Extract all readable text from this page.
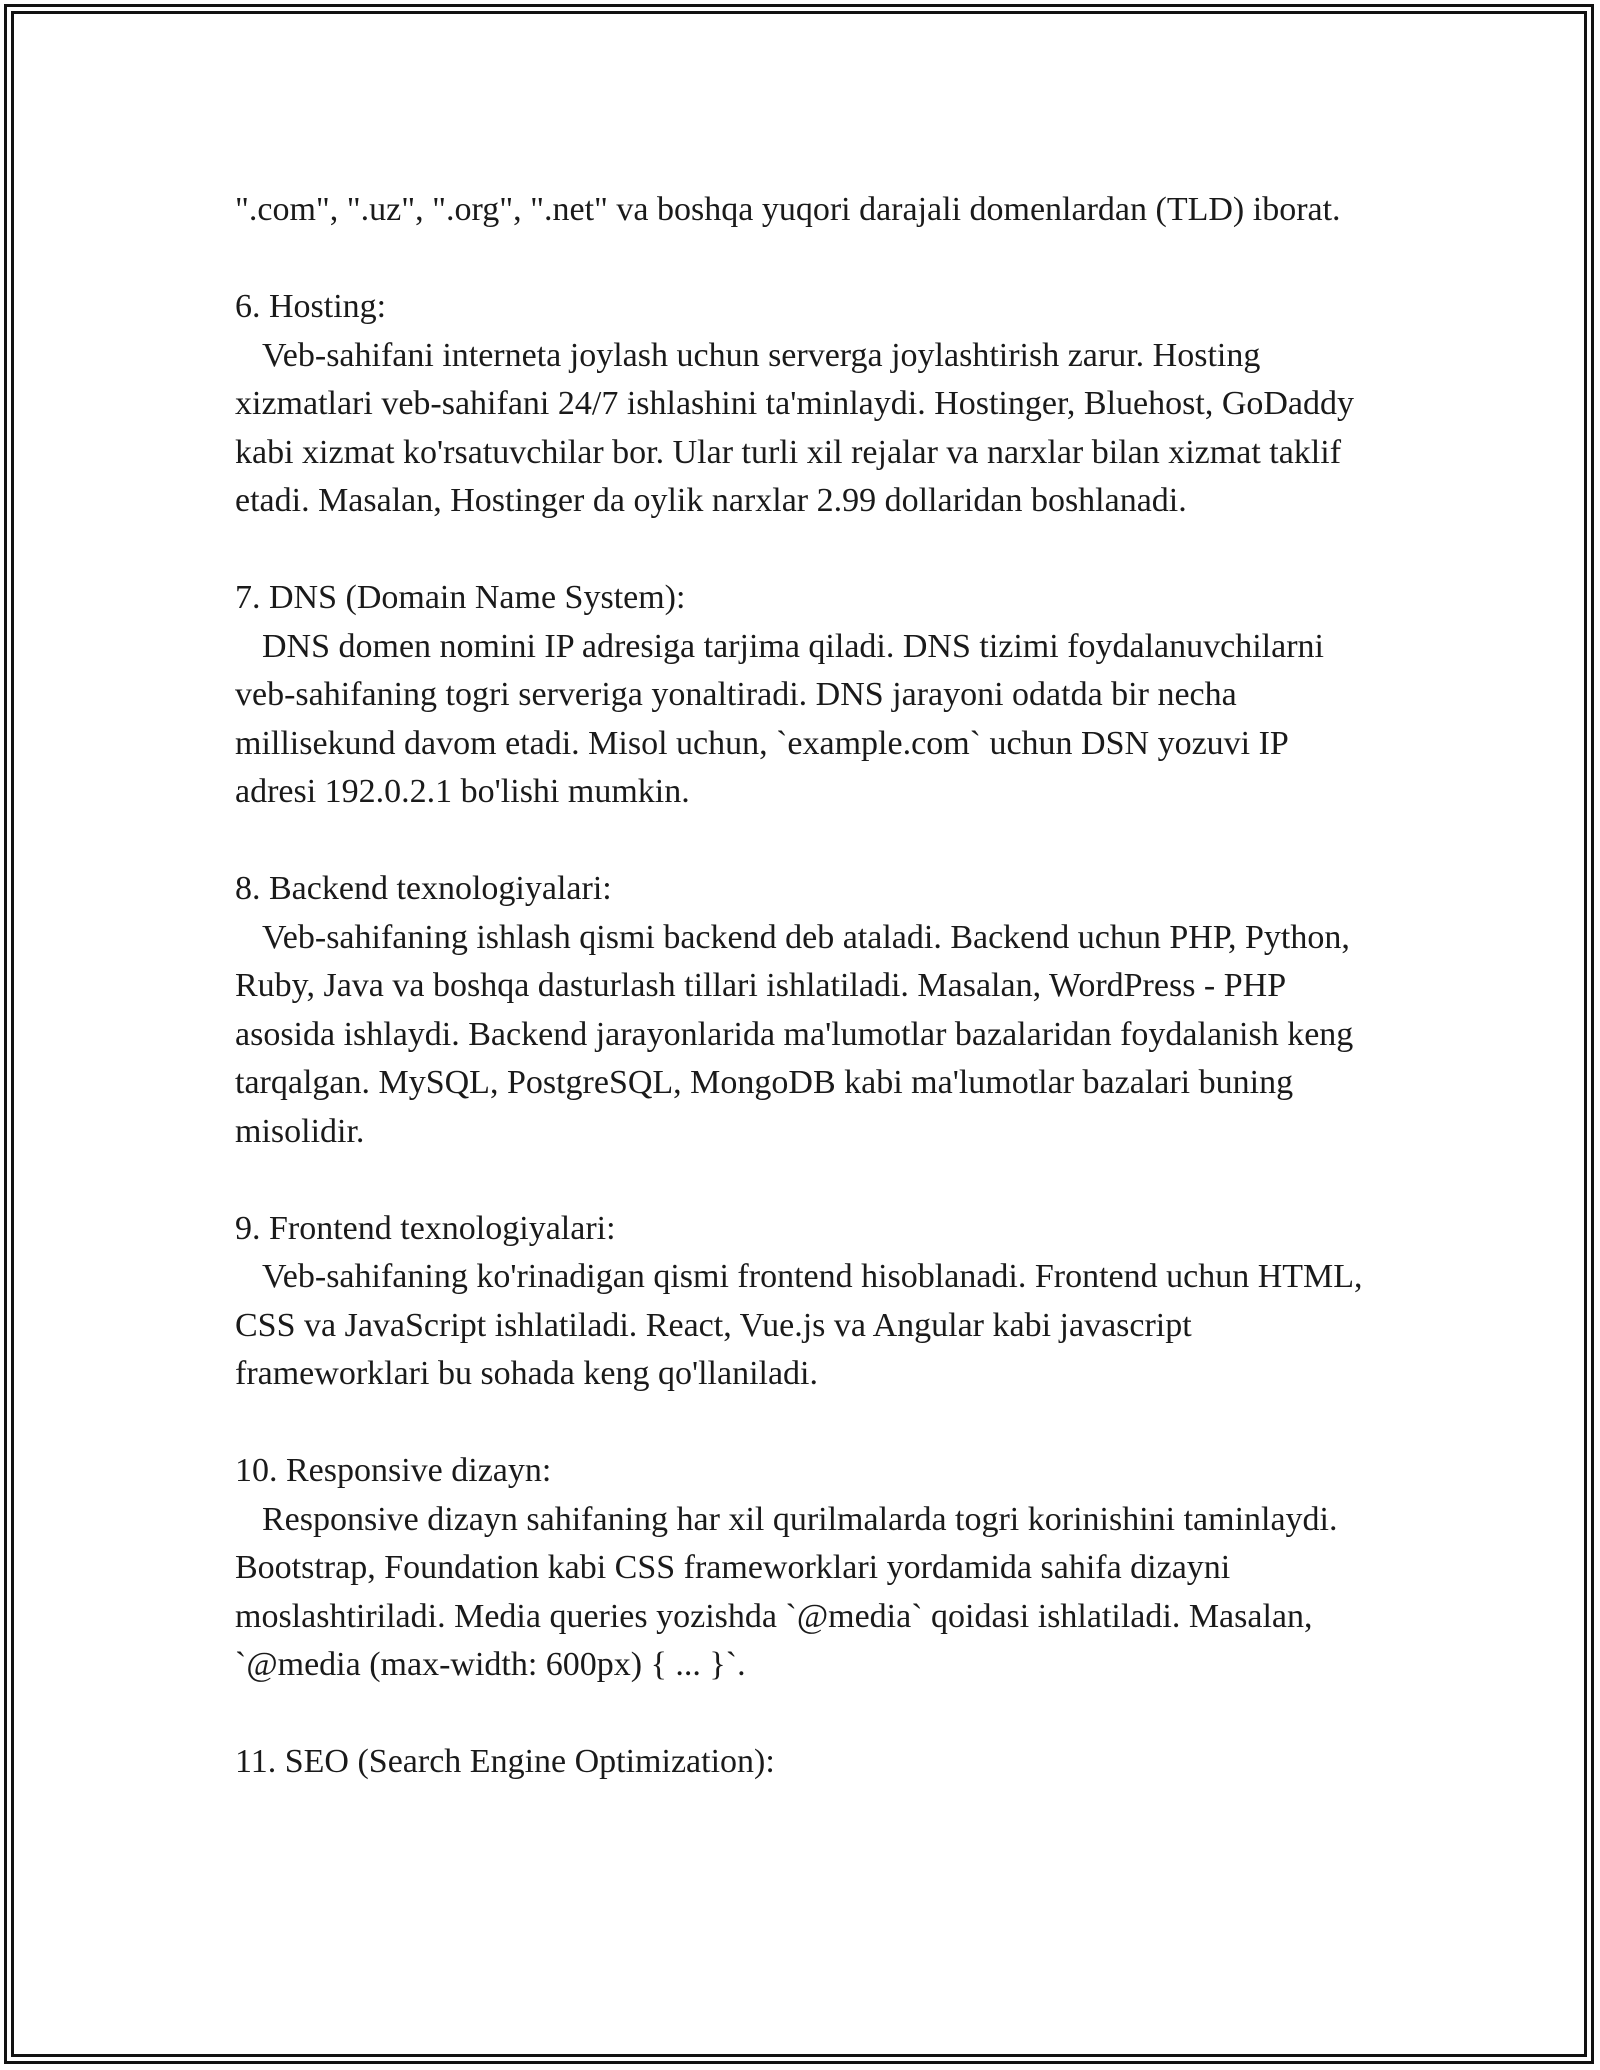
".com", ".uz", ".org", ".net" va boshqa yuqori darajali domenlardan (TLD) iborat.

6. Hosting:

Veb-sahifani interneta joylash uchun serverga joylashtirish zarur. Hosting xizmatlari veb-sahifani 24/7 ishlashini ta'minlaydi. Hostinger, Bluehost, GoDaddy kabi xizmat ko'rsatuvchilar bor. Ular turli xil rejalar va narxlar bilan xizmat taklif etadi. Masalan, Hostinger da oylik narxlar 2.99 dollaridan boshlanadi.

7. DNS (Domain Name System):

DNS domen nomini IP adresiga tarjima qiladi. DNS tizimi foydalanuvchilarni veb-sahifaning togri serveriga yonaltiradi. DNS jarayoni odatda bir necha millisekund davom etadi. Misol uchun, `example.com` uchun DSN yozuvi IP adresi 192.0.2.1 bo'lishi mumkin.

8. Backend texnologiyalari:

Veb-sahifaning ishlash qismi backend deb ataladi. Backend uchun PHP, Python, Ruby, Java va boshqa dasturlash tillari ishlatiladi. Masalan, WordPress - PHP asosida ishlaydi. Backend jarayonlarida ma'lumotlar bazalaridan foydalanish keng tarqalgan. MySQL, PostgreSQL, MongoDB kabi ma'lumotlar bazalari buning misolidir.

9. Frontend texnologiyalari:

Veb-sahifaning ko'rinadigan qismi frontend hisoblanadi. Frontend uchun HTML, CSS va JavaScript ishlatiladi. React, Vue.js va Angular kabi javascript frameworklari bu sohada keng qo'llaniladi.

10. Responsive dizayn:

Responsive dizayn sahifaning har xil qurilmalarda togri korinishini taminlaydi. Bootstrap, Foundation kabi CSS frameworklari yordamida sahifa dizayni moslashtiriladi. Media queries yozishda `@media` qoidasi ishlatiladi. Masalan, `@media (max-width: 600px) { ... }`.

11. SEO (Search Engine Optimization):
